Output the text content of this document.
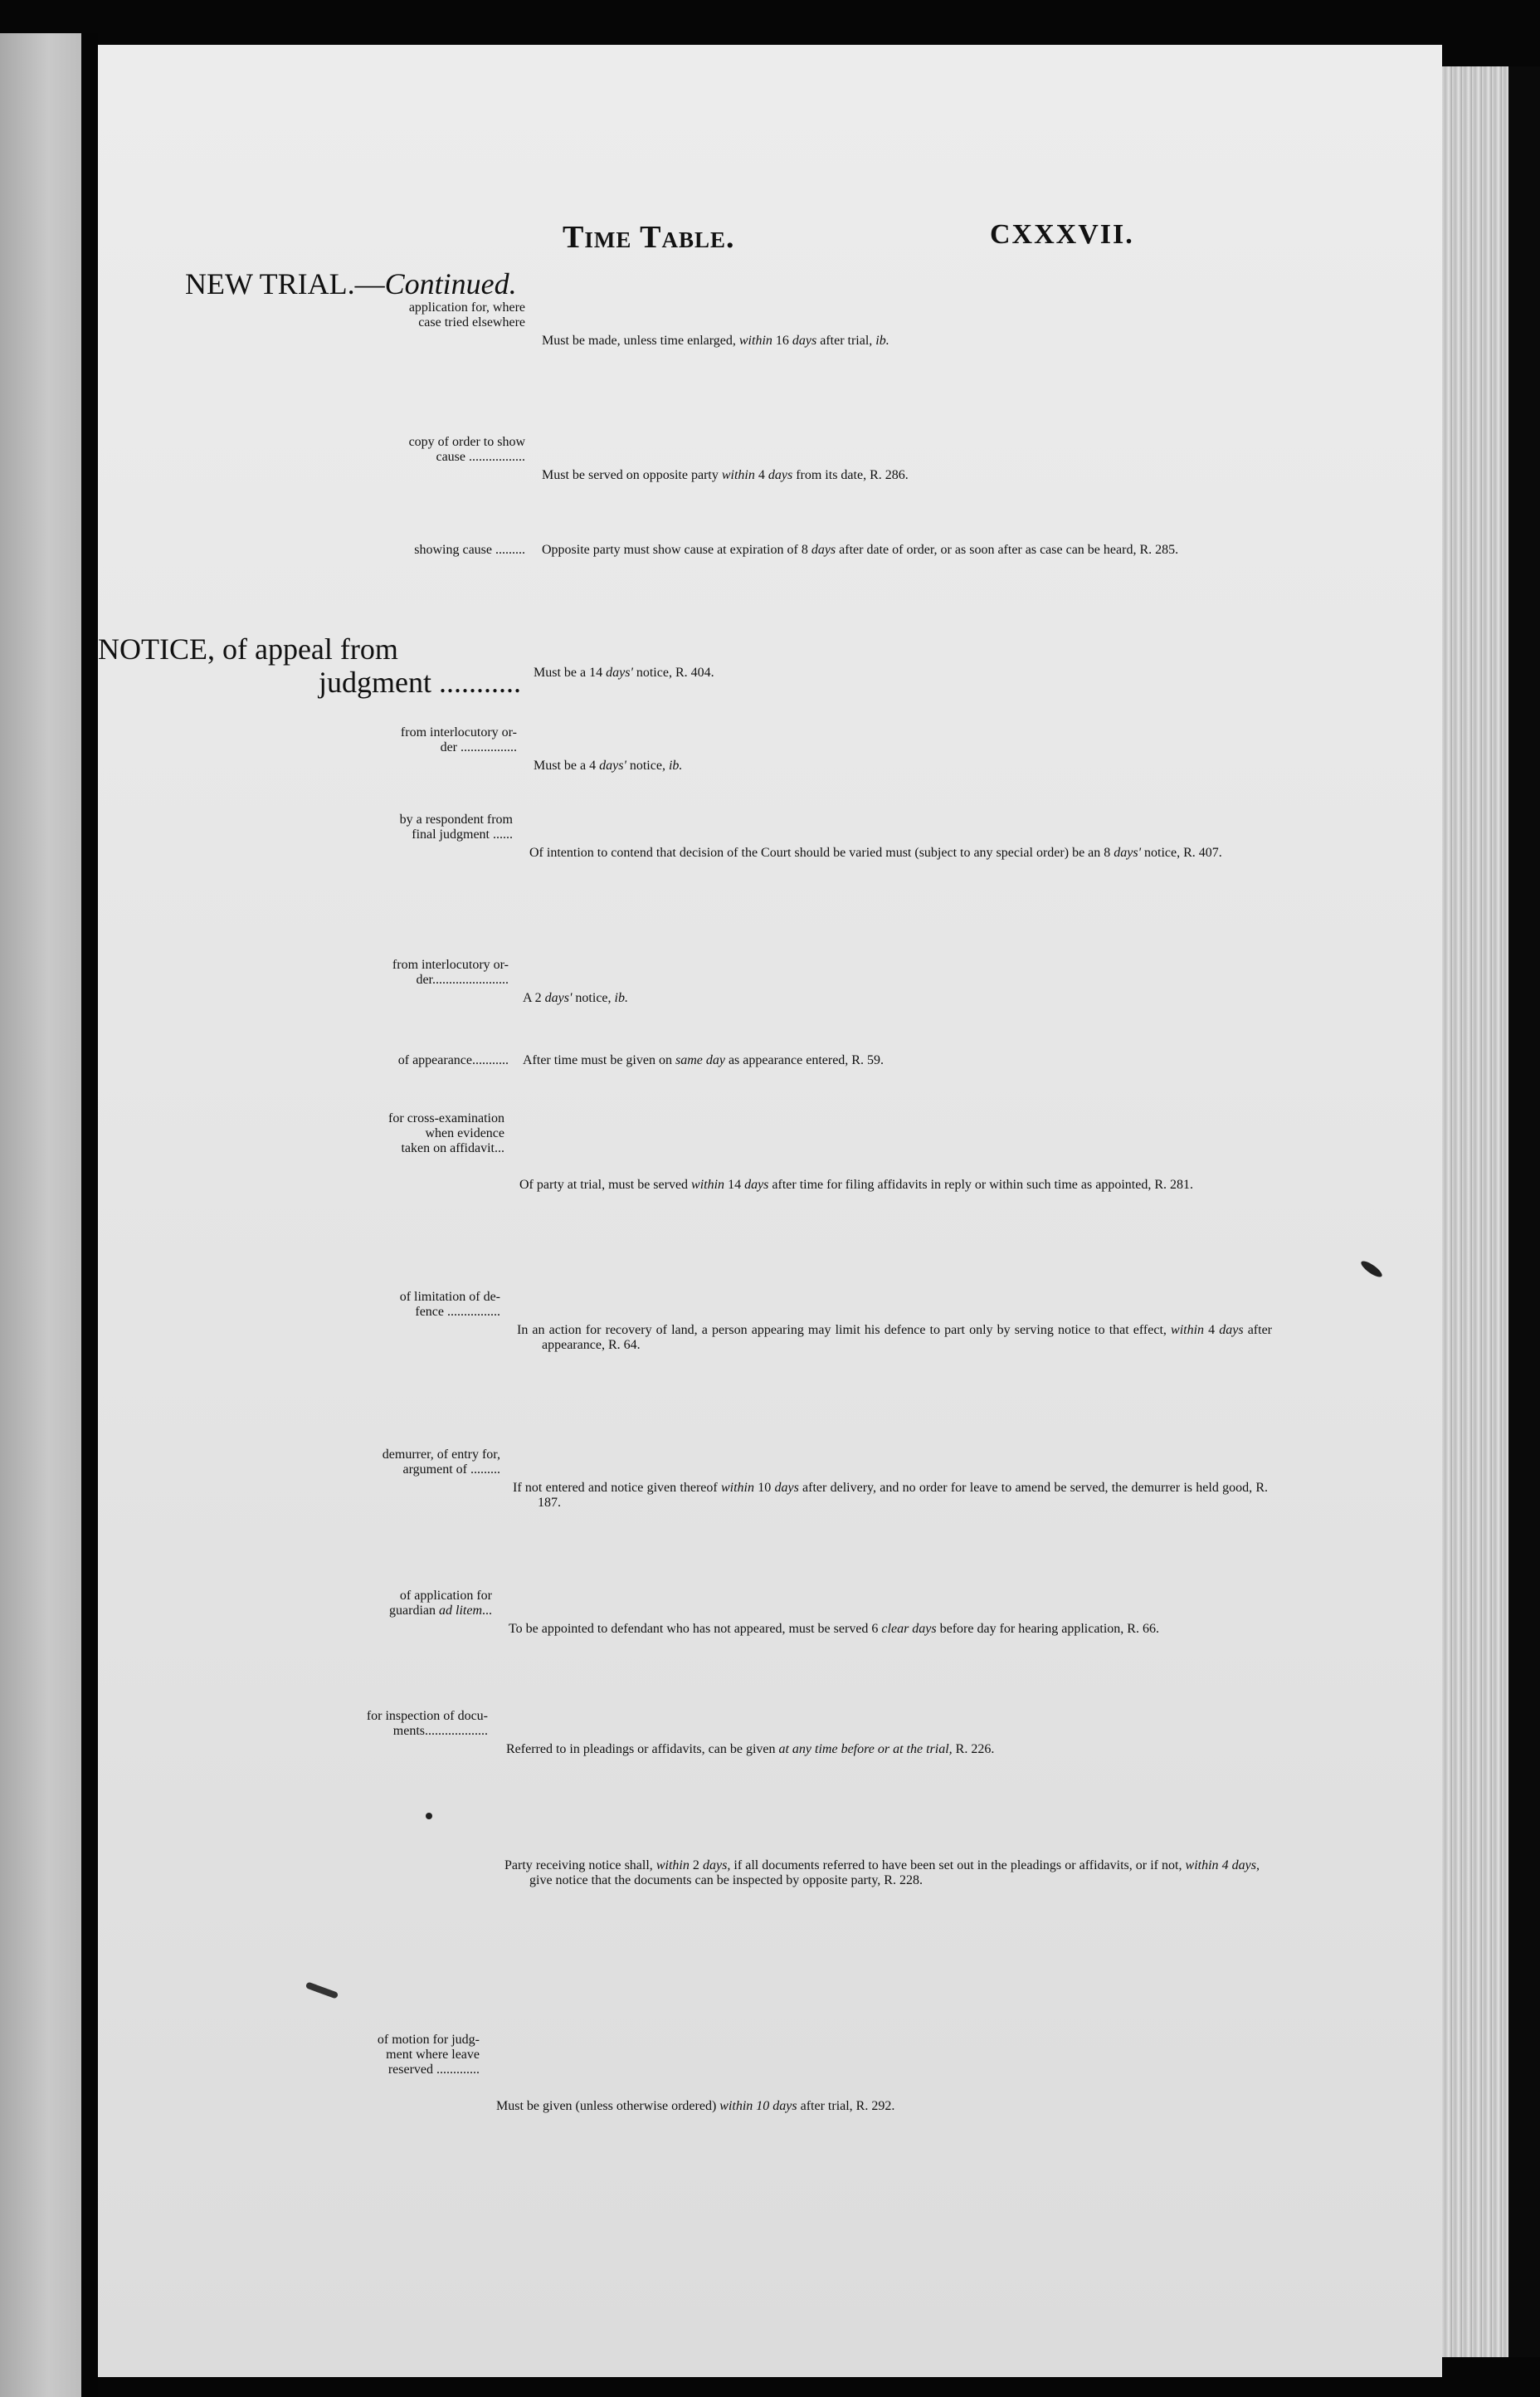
Time Table.	CXXXVII.
NEW TRIAL.—Continued.
application for, where
case tried elsewhere
Must be made, unless time enlarged, within 16 days after trial, ib.
copy of order to show
cause .................
Must be served on opposite party within 4 days from its date, R. 286.
showing cause ......... Opposite party must show cause at expiration of 8 days after date of order, or as soon after as case can be heard, R. 285.
NOTICE, of appeal from
judgment ........... Must be a 14 days' notice, R. 404.
from interlocutory or-
der .................
Must be a 4 days' notice, ib.
by a respondent from
final judgment ......
Of intention to contend that decision of the Court should be varied must (subject to any special order) be an 8 days' notice, R. 407.
from interlocutory or-
der.......................
A 2 days' notice, ib.
of appearance........... After time must be given on same day as appearance entered, R. 59.
for cross-examination
when evidence
taken on affidavit...
Of party at trial, must be served within 14 days after time for filing affidavits in reply or within such time as appointed, R. 281.
of limitation of de-
fence ................
In an action for recovery of land, a person appearing may limit his defence to part only by serving notice to that effect, within 4 days after appearance, R. 64.
demurrer, of entry for,
argument of .........
If not entered and notice given thereof within 10 days after delivery, and no order for leave to amend be served, the demurrer is held good, R. 187.
of application for
guardian ad litem...
To be appointed to defendant who has not appeared, must be served 6 clear days before day for hearing application, R. 66.
for inspection of docu-
ments...................
Referred to in pleadings or affidavits, can be given at any time before or at the trial, R. 226.
Party receiving notice shall, within 2 days, if all documents referred to have been set out in the pleadings or affidavits, or if not, within 4 days, give notice that the documents can be inspected by opposite party, R. 228.
of motion for judg-
ment where leave
reserved .............
Must be given (unless otherwise ordered) within 10 days after trial, R. 292.
